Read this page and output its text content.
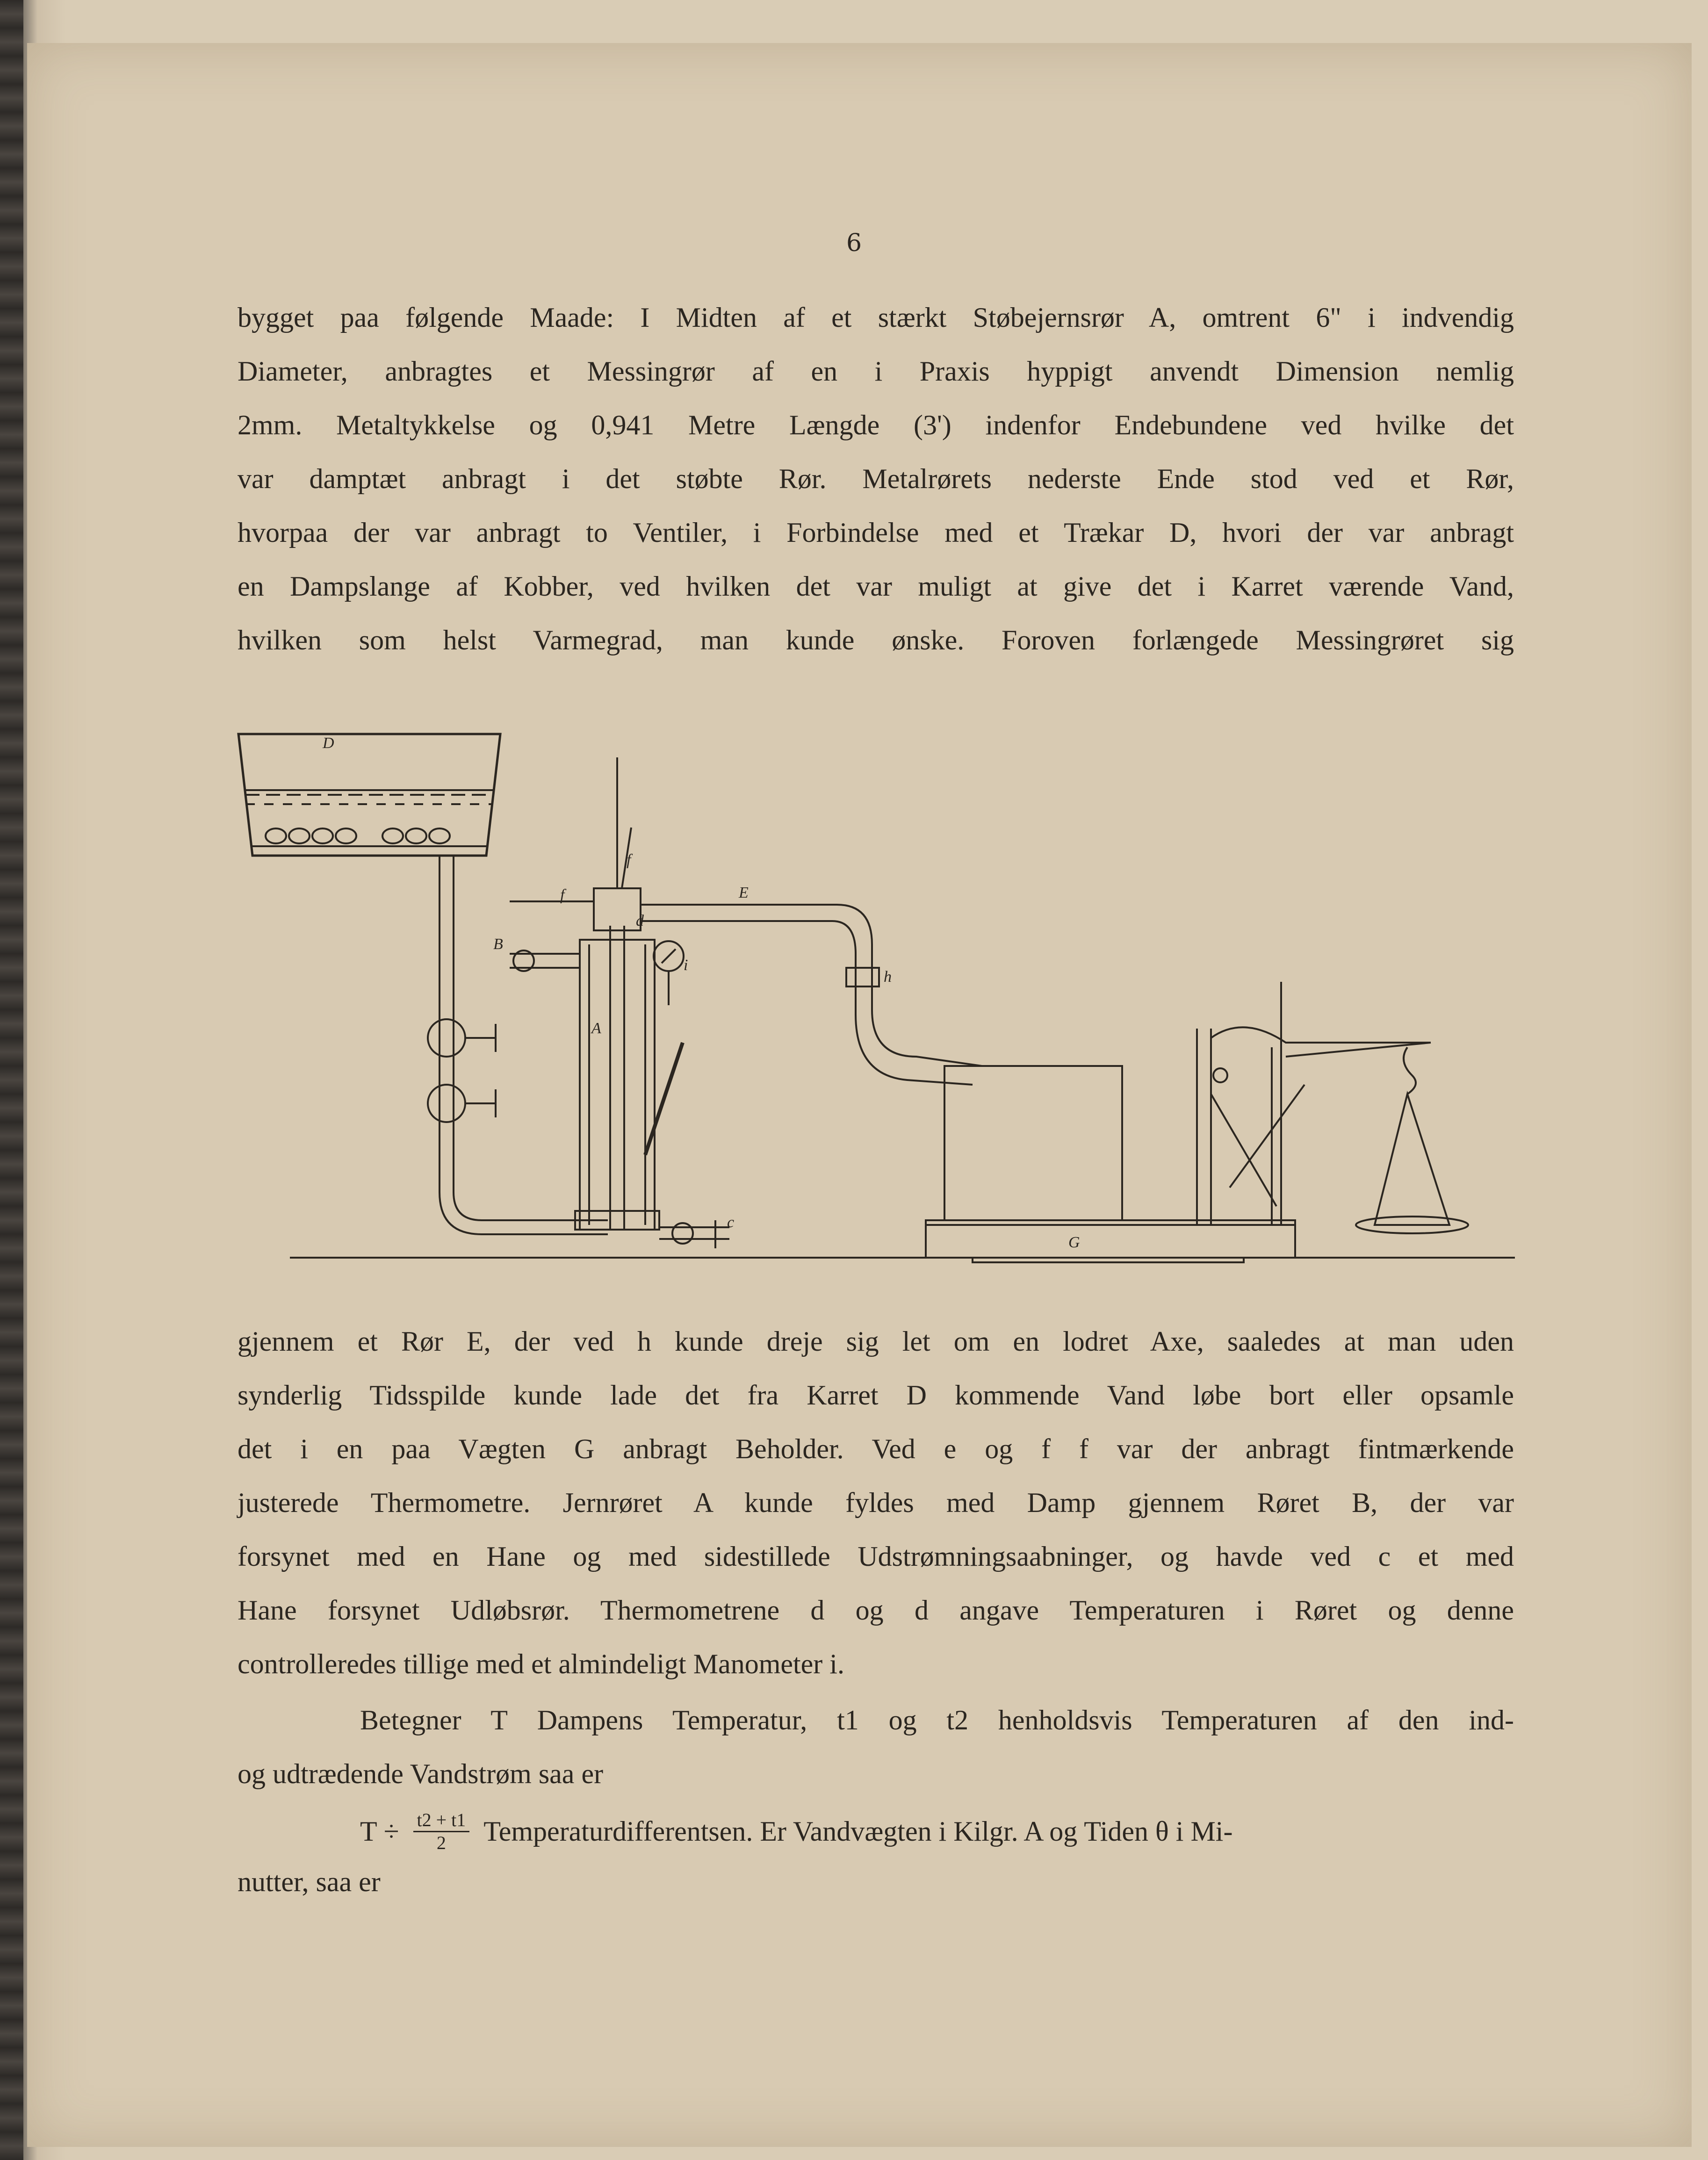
6
bygget paa følgende Maade: I Midten af et stærkt Støbejernsrør A, omtrent 6" i indvendig
Diameter, anbragtes et Messingrør af en i Praxis hyppigt anvendt Dimension nemlig
2mm. Metaltykkelse og 0,941 Metre Længde (3') indenfor Endebundene ved hvilke det
var damptæt anbragt i det støbte Rør. Metalrørets nederste Ende stod ved et Rør,
hvorpaa der var anbragt to Ventiler, i Forbindelse med et Trækar D, hvori der var anbragt
en Dampslange af Kobber, ved hvilken det var muligt at give det i Karret værende Vand,
hvilken som helst Varmegrad, man kunde ønske. Foroven forlængede Messingrøret sig
D
E
B
A
h
d
i
f
f
c
G
gjennem et Rør E, der ved h kunde dreje sig let om en lodret Axe, saaledes at man uden
synderlig Tidsspilde kunde lade det fra Karret D kommende Vand løbe bort eller opsamle
det i en paa Vægten G anbragt Beholder. Ved e og f f var der anbragt fintmærkende
justerede Thermometre. Jernrøret A kunde fyldes med Damp gjennem Røret B, der var
forsynet med en Hane og med sidestillede Udstrømningsaabninger, og havde ved c et med
Hane forsynet Udløbsrør. Thermometrene d og d angave Temperaturen i Røret og denne
controlleredes tillige med et almindeligt Manometer i.
Betegner T Dampens Temperatur, t1 og t2 henholdsvis Temperaturen af den ind-
og udtrædende Vandstrøm saa er
$T \div \frac{t2 + t1}{2}$ Temperaturdifferentsen. Er Vandvægten i Kilgr. A og Tiden θ i Mi-
nutter, saa er
